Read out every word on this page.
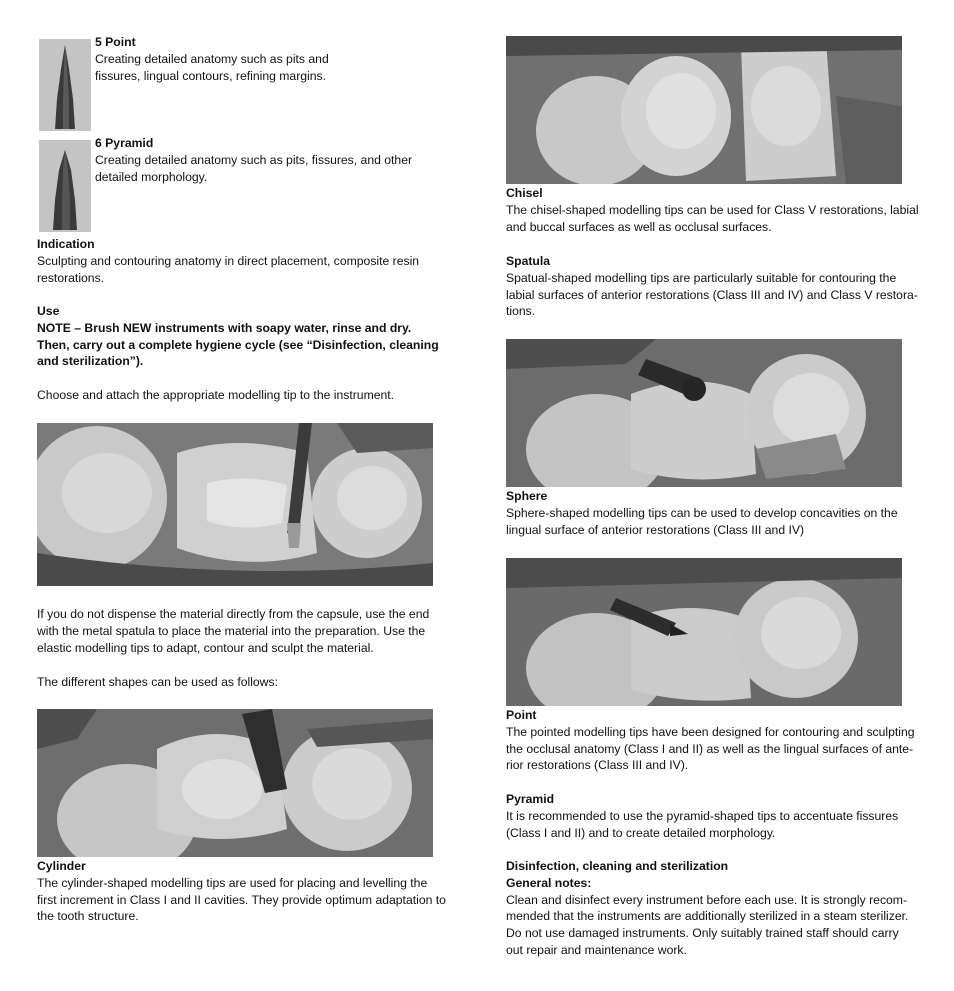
5 Point
Creating detailed anatomy such as pits and
fissures, lingual contours, refining margins.
6 Pyramid
Creating detailed anatomy such as pits, fissures, and other
detailed morphology.
Indication
Sculpting and contouring anatomy in direct placement, composite resin
restorations.
Use
NOTE – Brush NEW instruments with soapy water, rinse and dry.
Then, carry out a complete hygiene cycle (see “Disinfection, cleaning
and sterilization”).
Choose and attach the appropriate modelling tip to the instrument.
If you do not dispense the material directly from the capsule, use the end
with the metal spatula to place the material into the preparation. Use the
elastic modelling tips to adapt, contour and sculpt the material.
The different shapes can be used as follows:
Cylinder
The cylinder-shaped modelling tips are used for placing and levelling the
first increment in Class I and II cavities. They provide optimum adaptation to
the tooth structure.
Chisel
The chisel-shaped modelling tips can be used for Class V restorations, labial
and buccal surfaces as well as occlusal surfaces.
Spatula
Spatual-shaped modelling tips are particularly suitable for contouring the
labial surfaces of anterior restorations (Class III and IV) and Class V restora-
tions.
Sphere
Sphere-shaped modelling tips can be used to develop concavities on the
lingual surface of anterior restorations (Class III and IV)
Point
The pointed modelling tips have been designed for contouring and sculpting
the occlusal anatomy (Class I and II) as well as the lingual surfaces of ante-
rior restorations (Class III and IV).
Pyramid
It is recommended to use the pyramid-shaped tips to accentuate fissures
(Class I and II) and to create detailed morphology.
Disinfection, cleaning and sterilization
General notes:
Clean and disinfect every instrument before each use. It is strongly recom-
mended that the instruments are additionally sterilized in a steam sterilizer.
Do not use damaged instruments. Only suitably trained staff should carry
out repair and maintenance work.
